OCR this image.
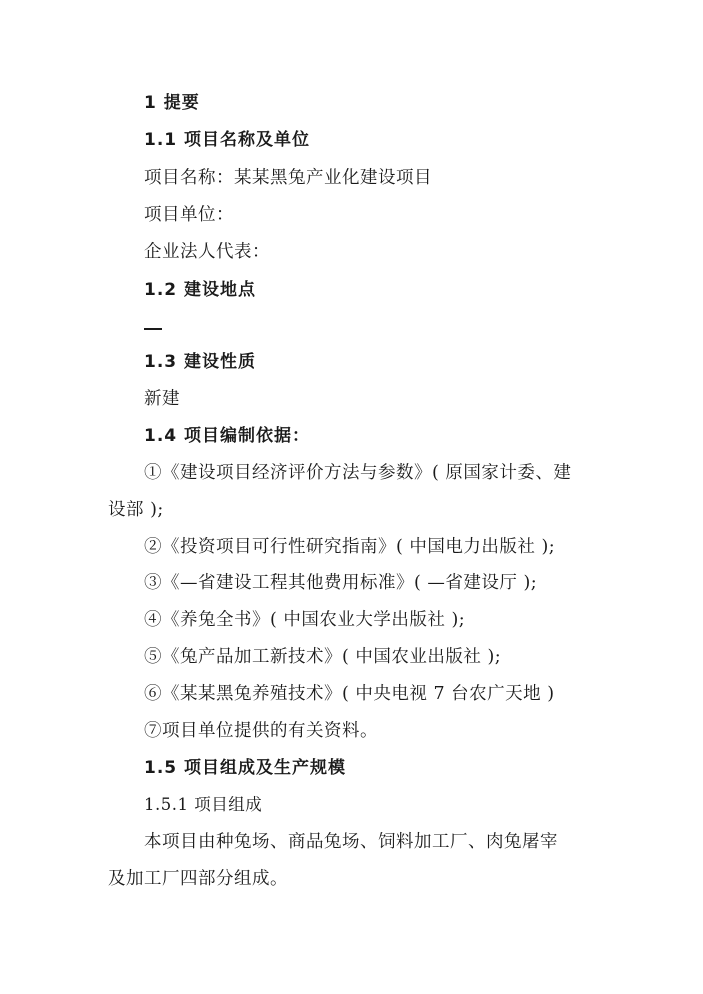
1 提要
1.1 项目名称及单位
项目名称：某某黑兔产业化建设项目
项目单位：
企业法人代表：
1.2 建设地点
1.3 建设性质
新建
1.4 项目编制依据：
①《建设项目经济评价方法与参数》( 原国家计委、建
设部 );
②《投资项目可行性研究指南》( 中国电力出版社 );
③《—省建设工程其他费用标准》( —省建设厅 );
④《养兔全书》( 中国农业大学出版社 );
⑤《兔产品加工新技术》( 中国农业出版社 );
⑥《某某黑兔养殖技术》( 中央电视 7 台农广天地 )
⑦项目单位提供的有关资料。
1.5 项目组成及生产规模
1.5.1 项目组成
本项目由种兔场、商品兔场、饲料加工厂、肉兔屠宰
及加工厂四部分组成。
